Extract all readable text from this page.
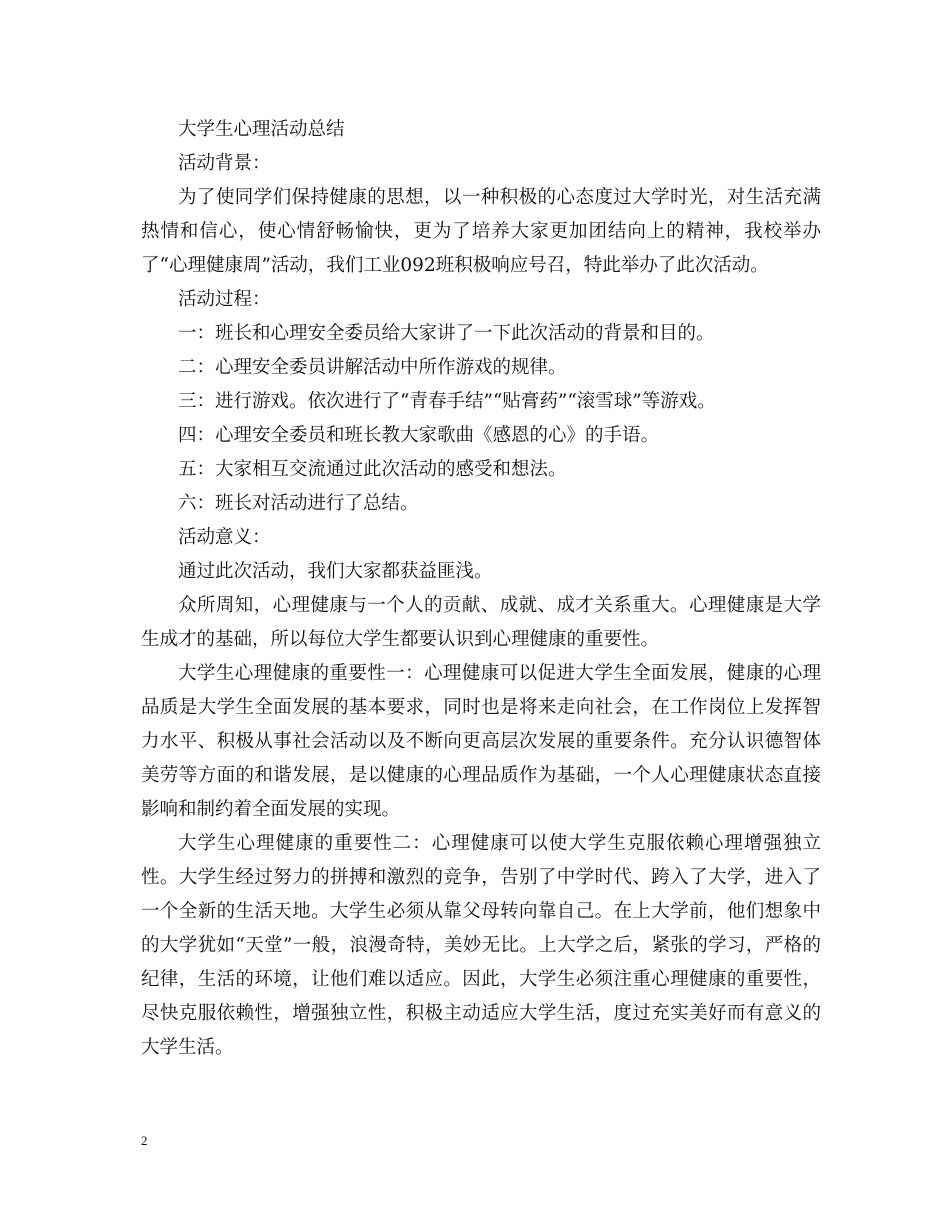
大学生心理活动总结

活动背景：

为了使同学们保持健康的思想，以一种积极的心态度过大学时光，对生活充满热情和信心，使心情舒畅愉快，更为了培养大家更加团结向上的精神，我校举办了“心理健康周”活动，我们工业092班积极响应号召，特此举办了此次活动。

活动过程：

一：班长和心理安全委员给大家讲了一下此次活动的背景和目的。

二：心理安全委员讲解活动中所作游戏的规律。

三：进行游戏。依次进行了“青春手结”“贴膏药”“滚雪球”等游戏。

四：心理安全委员和班长教大家歌曲《感恩的心》的手语。

五：大家相互交流通过此次活动的感受和想法。

六：班长对活动进行了总结。

活动意义：

通过此次活动，我们大家都获益匪浅。

众所周知，心理健康与一个人的贡献、成就、成才关系重大。心理健康是大学生成才的基础，所以每位大学生都要认识到心理健康的重要性。

大学生心理健康的重要性一：心理健康可以促进大学生全面发展，健康的心理品质是大学生全面发展的基本要求，同时也是将来走向社会，在工作岗位上发挥智力水平、积极从事社会活动以及不断向更高层次发展的重要条件。充分认识德智体美劳等方面的和谐发展，是以健康的心理品质作为基础，一个人心理健康状态直接影响和制约着全面发展的实现。

大学生心理健康的重要性二：心理健康可以使大学生克服依赖心理增强独立性。大学生经过努力的拼搏和激烈的竞争，告别了中学时代、跨入了大学，进入了一个全新的生活天地。大学生必须从靠父母转向靠自己。在上大学前，他们想象中的大学犹如“天堂”一般，浪漫奇特，美妙无比。上大学之后，紧张的学习，严格的纪律，生活的环境，让他们难以适应。因此，大学生必须注重心理健康的重要性，尽快克服依赖性，增强独立性，积极主动适应大学生活，度过充实美好而有意义的大学生活。

2
